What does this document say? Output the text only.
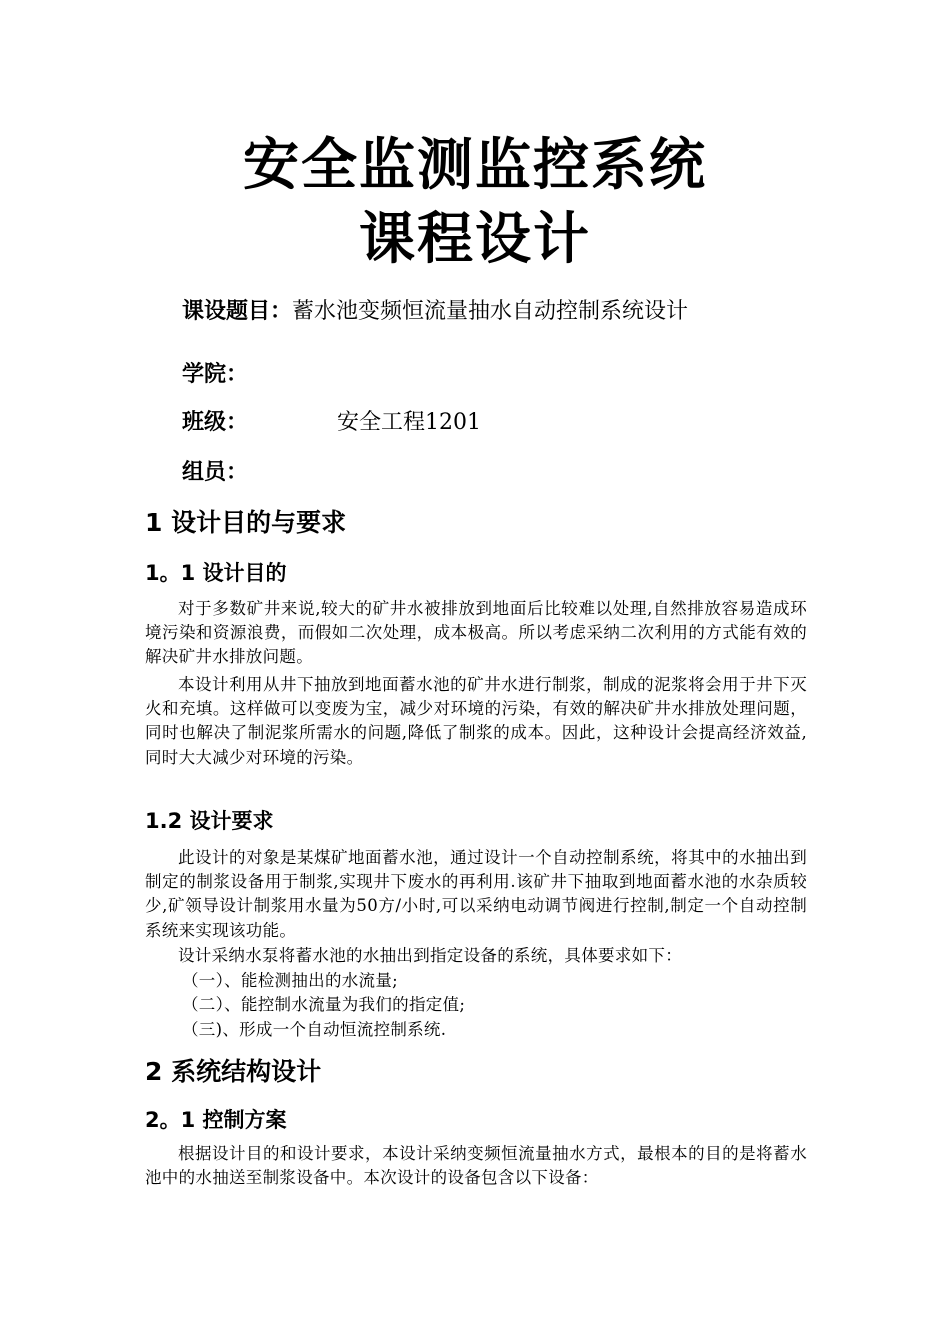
安全监测监控系统
课程设计
课设题目：蓄水池变频恒流量抽水自动控制系统设计
学院：
班级：	安全工程1201
组员：
1 设计目的与要求
1。1 设计目的

对于多数矿井来说,较大的矿井水被排放到地面后比较难以处理,自然排放容易造成环境污染和资源浪费，而假如二次处理，成本极高。所以考虑采纳二次利用的方式能有效的解决矿井水排放问题。

本设计利用从井下抽放到地面蓄水池的矿井水进行制浆，制成的泥浆将会用于井下灭火和充填。这样做可以变废为宝，减少对环境的污染，有效的解决矿井水排放处理问题，同时也解决了制泥浆所需水的问题,降低了制浆的成本。因此，这种设计会提高经济效益,同时大大减少对环境的污染。

1.2 设计要求

此设计的对象是某煤矿地面蓄水池，通过设计一个自动控制系统，将其中的水抽出到制定的制浆设备用于制浆,实现井下废水的再利用.该矿井下抽取到地面蓄水池的水杂质较少,矿领导设计制浆用水量为50方/小时,可以采纳电动调节阀进行控制,制定一个自动控制系统来实现该功能。

设计采纳水泵将蓄水池的水抽出到指定设备的系统，具体要求如下：

（一）、能检测抽出的水流量;
（二）、能控制水流量为我们的指定值;
（三)、形成一个自动恒流控制系统.
2 系统结构设计
2。1 控制方案

根据设计目的和设计要求，本设计采纳变频恒流量抽水方式，最根本的目的是将蓄水池中的水抽送至制浆设备中。本次设计的设备包含以下设备：
